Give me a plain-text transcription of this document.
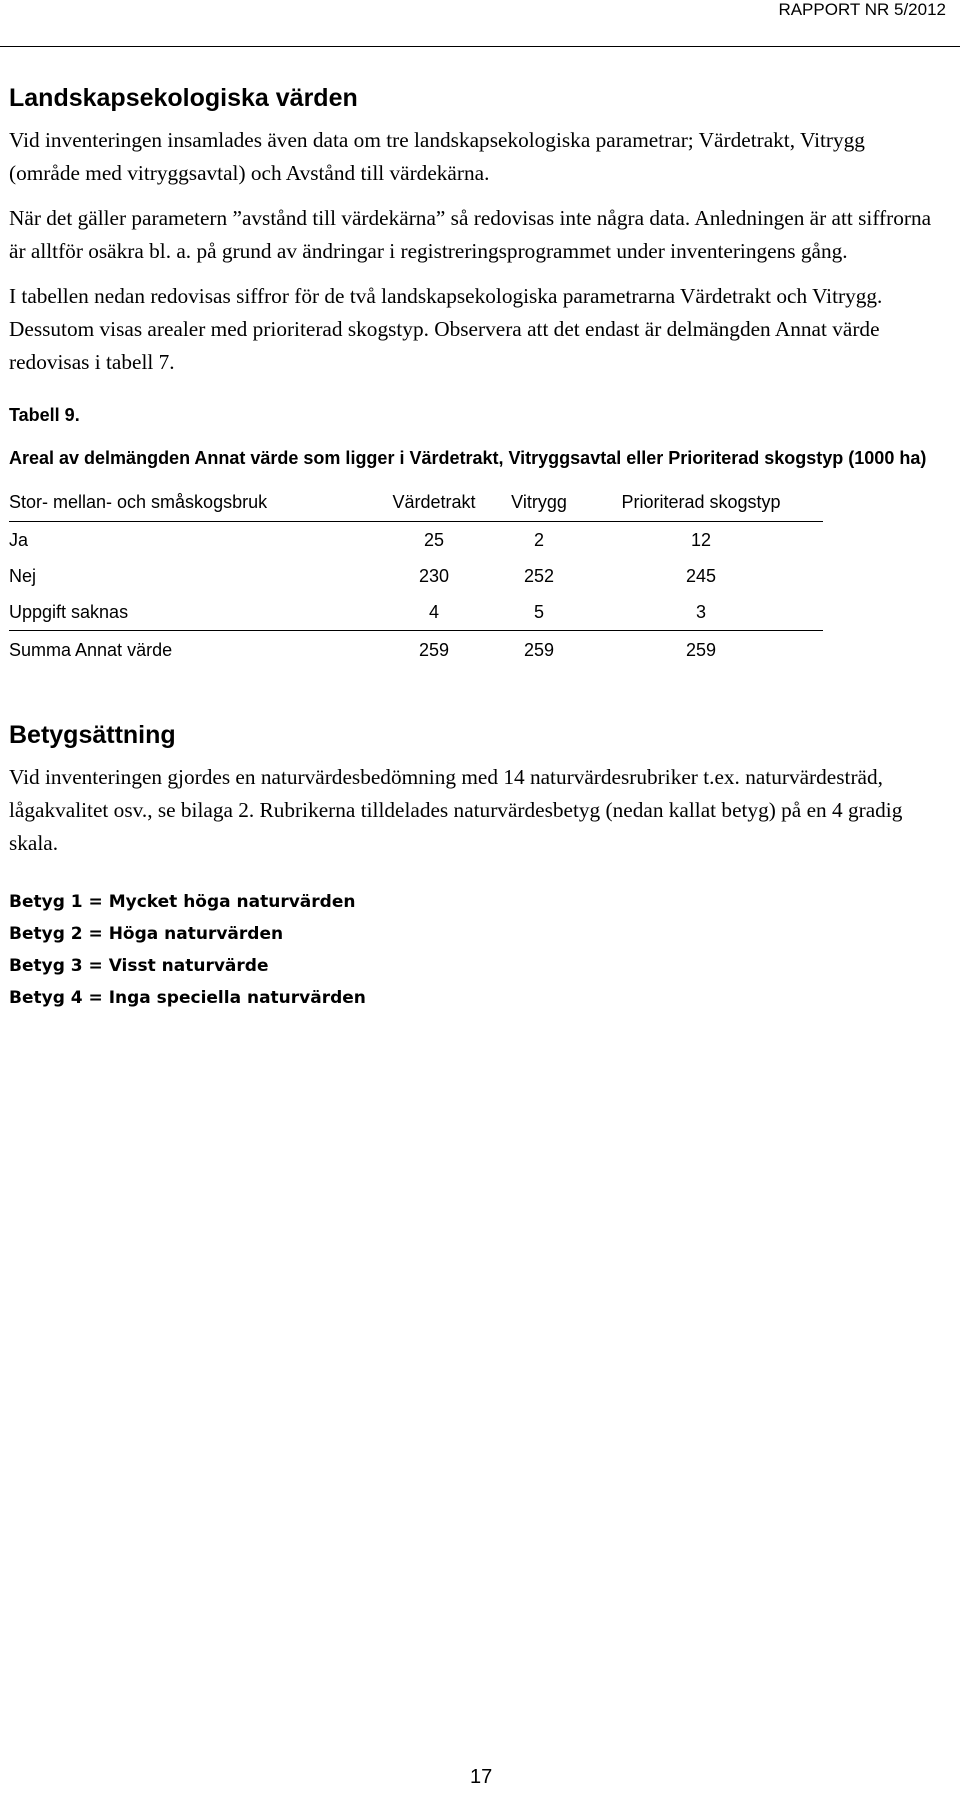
RAPPORT NR 5/2012
Landskapsekologiska värden

Vid inventeringen insamlades även data om tre landskapsekologiska parametrar; Värdetrakt, Vitrygg (område med vitryggsavtal) och Avstånd till värdekärna.

När det gäller parametern ”avstånd till värdekärna” så redovisas inte några data. Anledningen är att siffrorna är alltför osäkra bl. a. på grund av ändringar i registreringsprogrammet under inventeringens gång.

I tabellen nedan redovisas siffror för de två landskapsekologiska parametrarna Värdetrakt och Vitrygg. Dessutom visas arealer med prioriterad skogstyp. Observera att det endast är delmängden Annat värde redovisas i tabell 7.

Tabell 9.

Areal av delmängden Annat värde som ligger i Värdetrakt, Vitryggsavtal eller Prioriterad skogstyp (1000 ha)

Stor- mellan- och småskogsbruk	Värdetrakt	Vitrygg	Prioriterad skogstyp
Ja	25	2	12
Nej	230	252	245
Uppgift saknas	4	5	3
Summa Annat värde	259	259	259
Betygsättning

Vid inventeringen gjordes en naturvärdesbedömning med 14 naturvärdesrubriker t.ex. naturvärdesträd, lågakvalitet osv., se bilaga 2. Rubrikerna tilldelades naturvärdesbetyg (nedan kallat betyg) på en 4 gradig skala.

Betyg 1 = Mycket höga naturvärden
Betyg 2 = Höga naturvärden
Betyg 3 = Visst naturvärde
Betyg 4 = Inga speciella naturvärden
17
